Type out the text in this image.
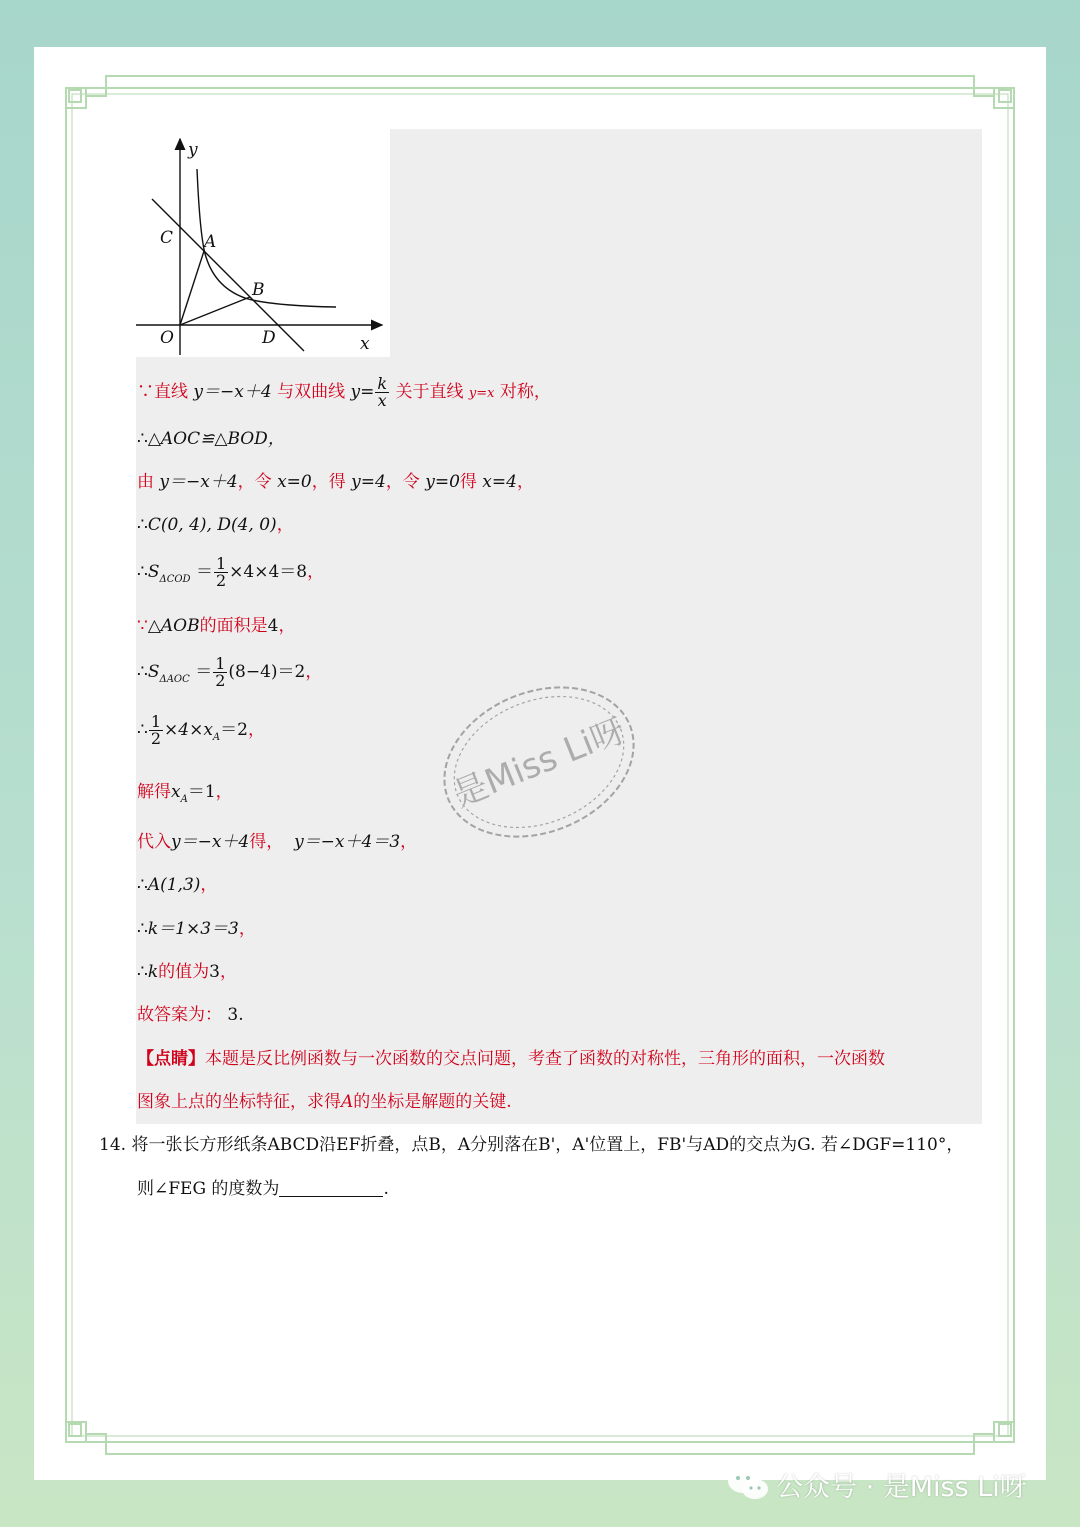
y
x
O
C A
B
D
∵直线 y＝−x＋4 与双曲线 $y= \frac{k}{x}$ 关于直线 y=x 对称，
∴△AOC≌△BOD，
由 y＝−x＋4，令 x=0，得 y=4，令 y=0得 x=4，
∴C(0, 4), D(4, 0)，
$\therefore S_{\Delta COD} = \frac{1}{2} \times 4\times 4=8$，
∵△AOB的面积是4，
$\therefore S_{\Delta AOC} = \frac{1}{2} (8-4)=2$，
∴ $\frac{1}{2} \times 4\times x_A=2$，
解得$x_A=1$，
代入y＝−x＋4得， y＝−x＋4＝3，
∴A(1,3)，
∴k＝1×3＝3，
∴k的值为3，
故答案为： 3.
【点睛】本题是反比例函数与一次函数的交点问题，考查了函数的对称性，三角形的面积，一次函数
图象上点的坐标特征，求得A的坐标是解题的关键.
14. 将一张长方形纸条ABCD沿EF折叠，点B，A分别落在B'，A'位置上，FB'与AD的交点为G. 若∠DGF=110°，
则∠FEG 的度数为	.
是Miss Li呀
公众号 · 是Miss Li呀
